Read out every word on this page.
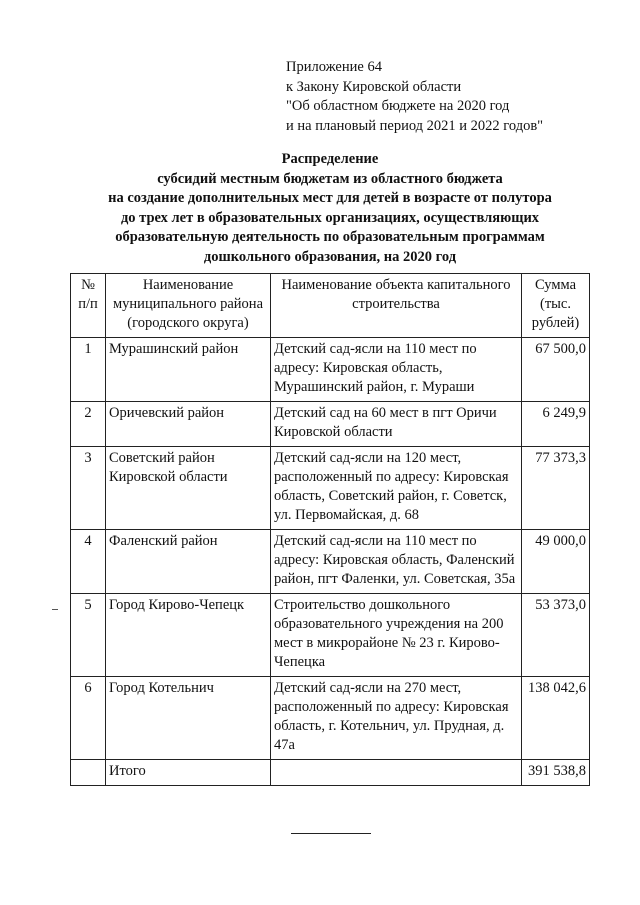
Приложение 64
к Закону Кировской области
"Об областном бюджете на 2020 год
и на плановый период 2021 и 2022 годов"
Распределение
субсидий местным бюджетам из областного бюджета
на создание дополнительных мест для детей в возрасте от полутора
до трех лет в образовательных организациях, осуществляющих
образовательную деятельность по образовательным программам
дошкольного образования, на 2020 год
№ п/п	Наименование муниципального района (городского округа)	Наименование объекта капитального строительства	Сумма (тыс. рублей)
1	Мурашинский район	Детский сад-ясли на 110 мест по адресу: Кировская область, Мурашинский район, г. Мураши	67 500,0
2	Оричевский район	Детский сад на 60 мест в пгт Оричи Кировской области	6 249,9
3	Советский район Кировской области	Детский сад-ясли на 120 мест, расположенный по адресу: Кировская область, Советский район, г. Советск, ул. Первомайская, д. 68	77 373,3
4	Фаленский район	Детский сад-ясли на 110 мест по адресу: Кировская область, Фаленский район, пгт Фаленки, ул. Советская, 35а	49 000,0
5	Город Кирово-Чепецк	Строительство дошкольного образовательного учреждения на 200 мест в микрорайоне № 23 г. Кирово-Чепецка	53 373,0
6	Город Котельнич	Детский сад-ясли на 270 мест, расположенный по адресу: Кировская область, г. Котельнич, ул. Прудная, д. 47а	138 042,6
	Итого		391 538,8
